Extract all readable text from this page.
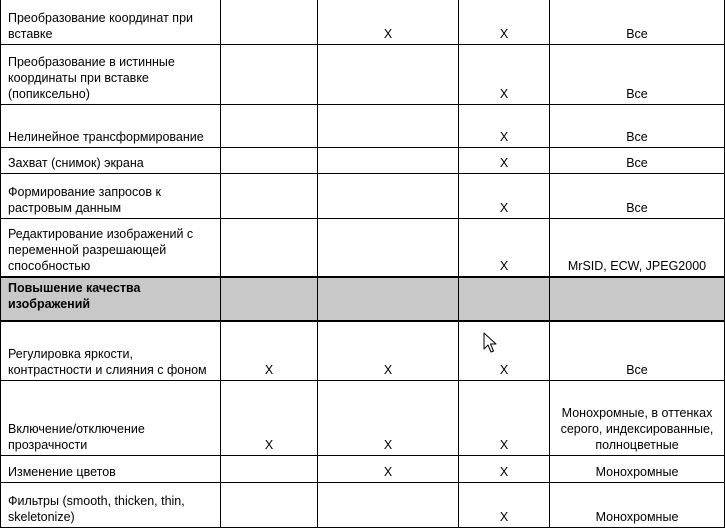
Преобразование координат при вставке		X	X	Все
Преобразование в истинные координаты при вставке (попиксельно)			X	Все
Нелинейное трансформирование			X	Все
Захват (снимок) экрана			X	Все
Формирование запросов к растровым данным			X	Все
Редактирование изображений с переменной разрешающей способностью			X	MrSID, ECW, JPEG2000
Повышение качества изображений				
Регулировка яркости, контрастности и слияния с фоном	X	X	X	Все
Включение/отключение прозрачности	X	X	X	Монохромные, в оттенках серого, индексированные, полноцветные
Изменение цветов		X	X	Монохромные
Фильтры (smooth, thicken, thin, skeletonize)			X	Монохромные
